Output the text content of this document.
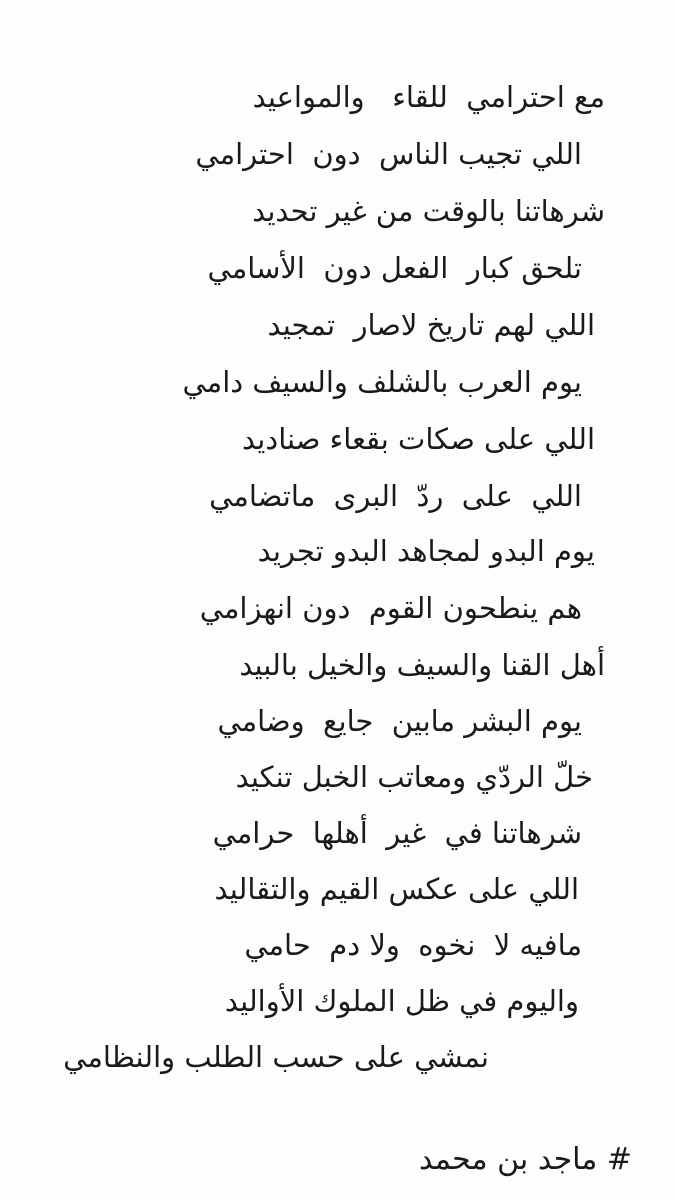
مع احترامي  للقاء   والمواعيد
اللي تجيب الناس  دون  احترامي
شرهاتنا بالوقت من غير تحديد
تلحق كبار  الفعل دون  الأسامي
اللي لهم تاريخ لاصار  تمجيد
يوم العرب بالشلف والسيف دامي
اللي على صكات بقعاء صناديد
اللي  على  ردّ  البرى  ماتضامي
يوم البدو لمجاهد البدو تجريد
هم ينطحون القوم  دون انهزامي
أهل القنا والسيف والخيل بالبيد
يوم البشر مابين  جايع  وضامي
خلّ الردّي ومعاتب الخبل تنكيد
شرهاتنا في  غير  أهلها  حرامي
اللي على عكس القيم والتقاليد
مافيه لا  نخوه  ولا دم  حامي
واليوم في ظل الملوك الأواليد
نمشي على حسب الطلب والنظامي
# ماجد بن محمد
